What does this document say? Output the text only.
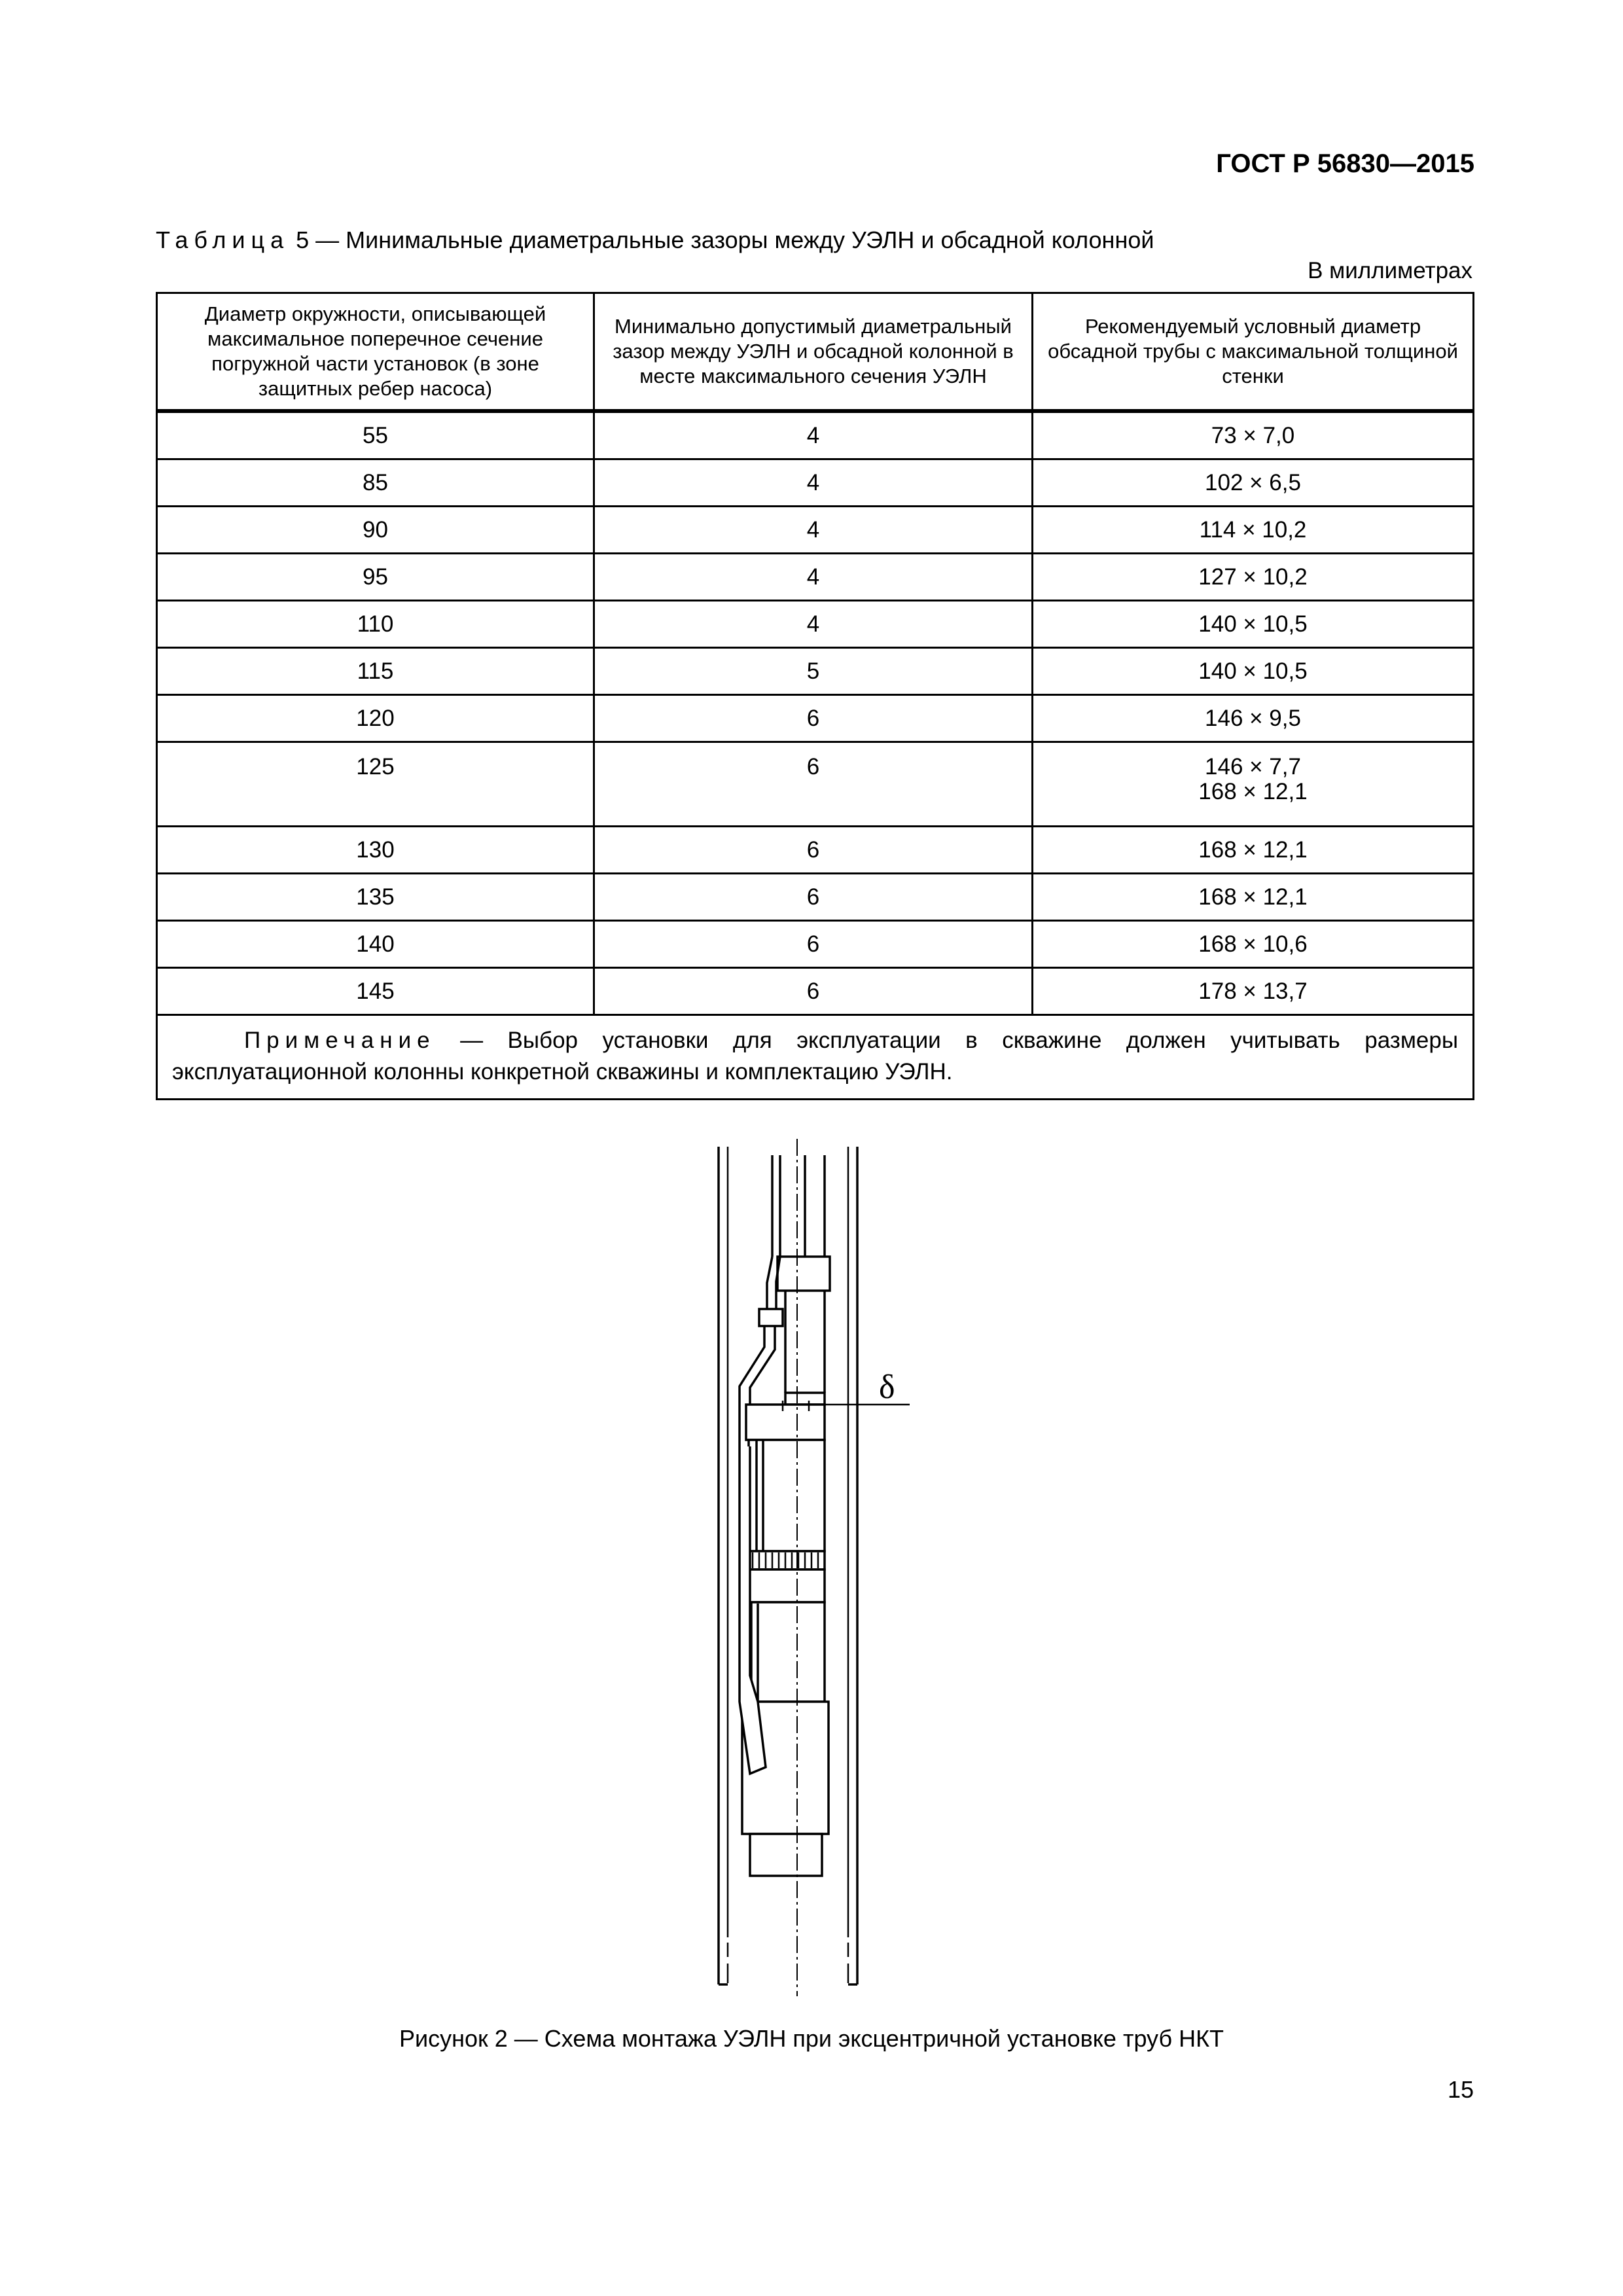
ГОСТ Р 56830—2015
Таблица 5 — Минимальные диаметральные зазоры между УЭЛН и обсадной колонной
В миллиметрах
Диаметр окружности, описывающей максимальное поперечное сечение погружной части установок (в зоне защитных ребер насоса)	Минимально допустимый диаметральный зазор между УЭЛН и обсадной колонной в месте максимального сечения УЭЛН	Рекомендуемый условный диаметр обсадной трубы с максимальной толщиной стенки
55	4	73 × 7,0
85	4	102 × 6,5
90	4	114 × 10,2
95	4	127 × 10,2
110	4	140 × 10,5
115	5	140 × 10,5
120	6	146 × 9,5
125	6	146 × 7,7
168 × 12,1

130	6	168 × 12,1
135	6	168 × 12,1
140	6	168 × 10,6
145	6	178 × 13,7
Примечание — Выбор установки для эксплуатации в скважине должен учитывать размеры эксплуатационной колонны конкретной скважины и комплектацию УЭЛН.		
δ
Рисунок 2 — Схема монтажа УЭЛН при эксцентричной установке труб НКТ
15
